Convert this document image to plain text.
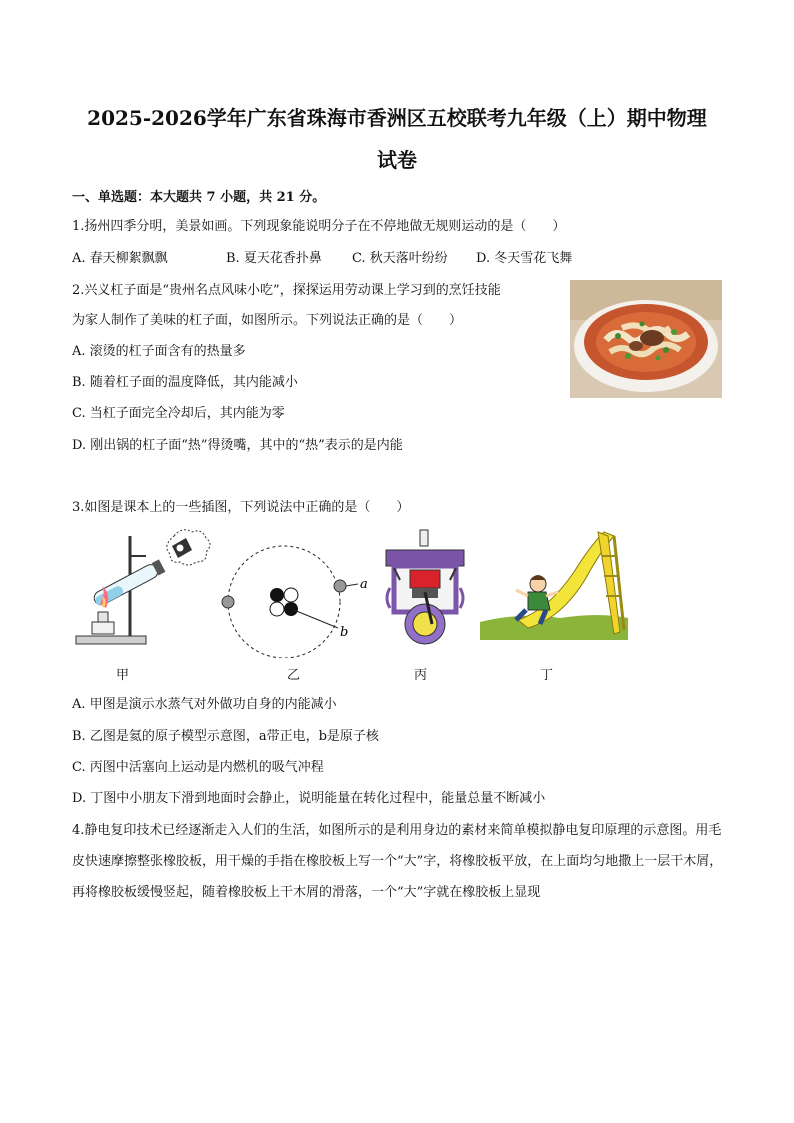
2025-2026学年广东省珠海市香洲区五校联考九年级（上）期中物理
试卷
一、单选题：本大题共 7 小题，共 21 分。
1.扬州四季分明，美景如画。下列现象能说明分子在不停地做无规则运动的是（　　）
A. 春天柳絮飘飘	B. 夏天花香扑鼻 C. 秋天落叶纷纷 D. 冬天雪花飞舞
2.兴义杠子面是“贵州名点风味小吃”，探探运用劳动课上学习到的烹饪技能
为家人制作了美味的杠子面，如图所示。下列说法正确的是（　　）
A. 滚烫的杠子面含有的热量多
B. 随着杠子面的温度降低，其内能减小
C. 当杠子面完全冷却后，其内能为零
D. 刚出锅的杠子面“热”得烫嘴，其中的“热”表示的是内能
3.如图是课本上的一些插图，下列说法中正确的是（　　）
a
b
甲	乙	丙	丁
A. 甲图是演示水蒸气对外做功自身的内能减小
B. 乙图是氦的原子模型示意图，a带正电，b是原子核
C. 丙图中活塞向上运动是内燃机的吸气冲程
D. 丁图中小朋友下滑到地面时会静止，说明能量在转化过程中，能量总量不断减小
4.静电复印技术已经逐渐走入人们的生活，如图所示的是利用身边的素材来简单模拟静电复印原理的示意图。用毛皮快速摩擦整张橡胶板，用干燥的手指在橡胶板上写一个“大”字，将橡胶板平放，在上面均匀地撒上一层干木屑，再将橡胶板缓慢竖起，随着橡胶板上干木屑的滑落，一个“大”字就在橡胶板上显现
